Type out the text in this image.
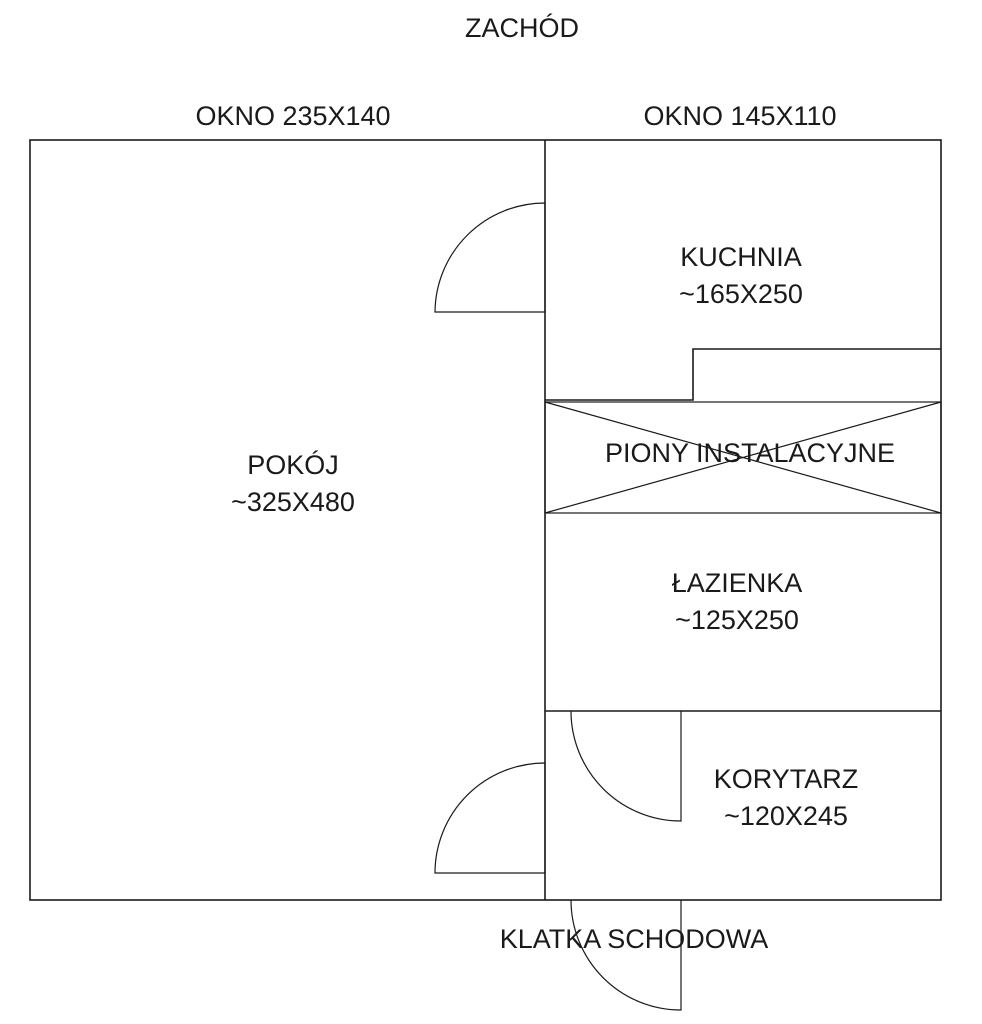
ZACHÓD
OKNO 235X140	OKNO 145X110
POKÓJ
~325X480
KUCHNIA
~165X250
PIONY INSTALACYJNE
ŁAZIENKA
~125X250
KORYTARZ
~120X245
KLATKA SCHODOWA
